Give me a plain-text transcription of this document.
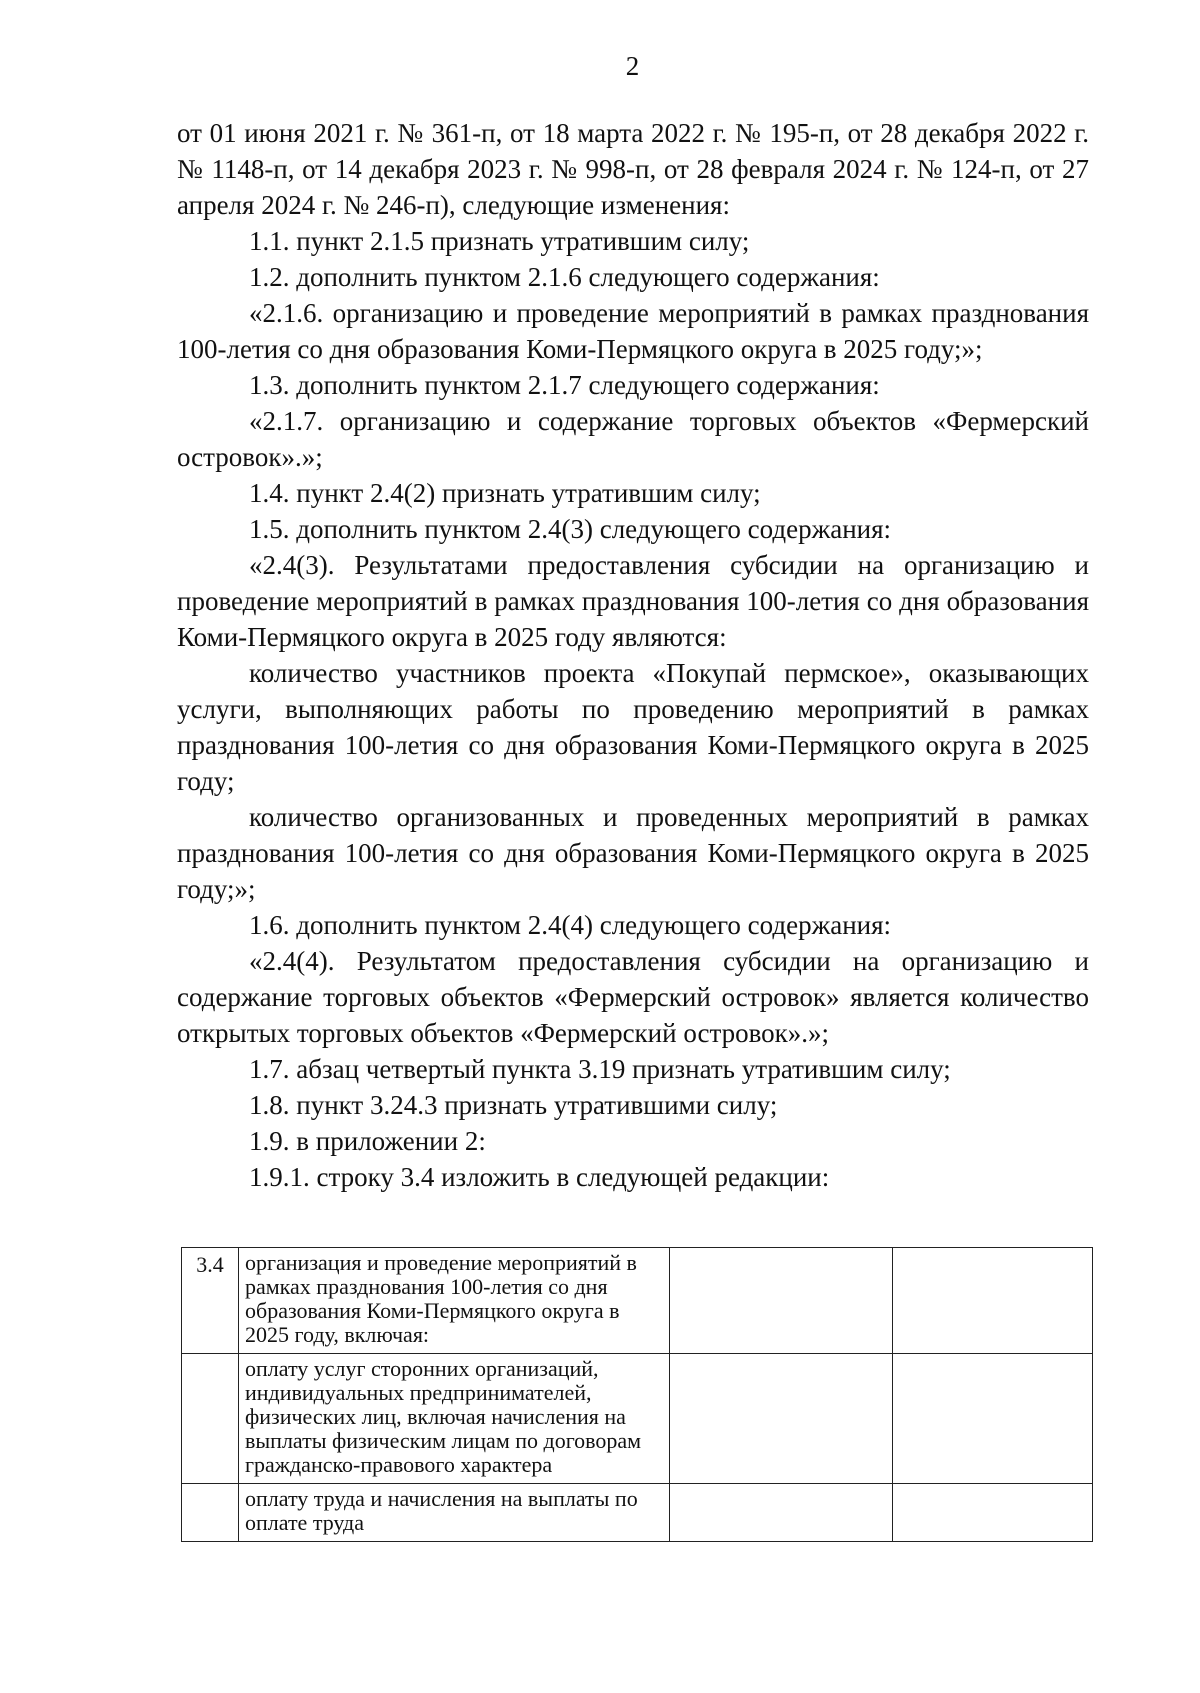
2

от 01 июня 2021 г. № 361-п, от 18 марта 2022 г. № 195-п, от 28 декабря 2022 г. № 1148-п, от 14 декабря 2023 г. № 998-п, от 28 февраля 2024 г. № 124-п, от 27 апреля 2024 г. № 246-п), следующие изменения:

1.1. пункт 2.1.5 признать утратившим силу;

1.2. дополнить пунктом 2.1.6 следующего содержания:

«2.1.6. организацию и проведение мероприятий в рамках празднования 100-летия со дня образования Коми-Пермяцкого округа в 2025 году;»;

1.3. дополнить пунктом 2.1.7 следующего содержания:

«2.1.7. организацию и содержание торговых объектов «Фермерский островок».»;

1.4. пункт 2.4(2) признать утратившим силу;

1.5. дополнить пунктом 2.4(3) следующего содержания:

«2.4(3). Результатами предоставления субсидии на организацию и проведение мероприятий в рамках празднования 100-летия со дня образования Коми-Пермяцкого округа в 2025 году являются:

количество участников проекта «Покупай пермское», оказывающих услуги, выполняющих работы по проведению мероприятий в рамках празднования 100-летия со дня образования Коми-Пермяцкого округа в 2025 году;

количество организованных и проведенных мероприятий в рамках празднования 100-летия со дня образования Коми-Пермяцкого округа в 2025 году;»;

1.6. дополнить пунктом 2.4(4) следующего содержания:

«2.4(4). Результатом предоставления субсидии на организацию и содержание торговых объектов «Фермерский островок» является количество открытых торговых объектов «Фермерский островок».»;

1.7. абзац четвертый пункта 3.19 признать утратившим силу;

1.8. пункт 3.24.3 признать утратившими силу;

1.9. в приложении 2:

1.9.1. строку 3.4 изложить в следующей редакции:

3.4	организация и проведение мероприятий в рамках празднования 100-летия со дня образования Коми-Пермяцкого округа в 2025 году, включая:		
	оплату услуг сторонних организаций, индивидуальных предпринимателей, физических лиц, включая начисления на выплаты физическим лицам по договорам гражданско-правового характера		
	оплату труда и начисления на выплаты по оплате труда		
